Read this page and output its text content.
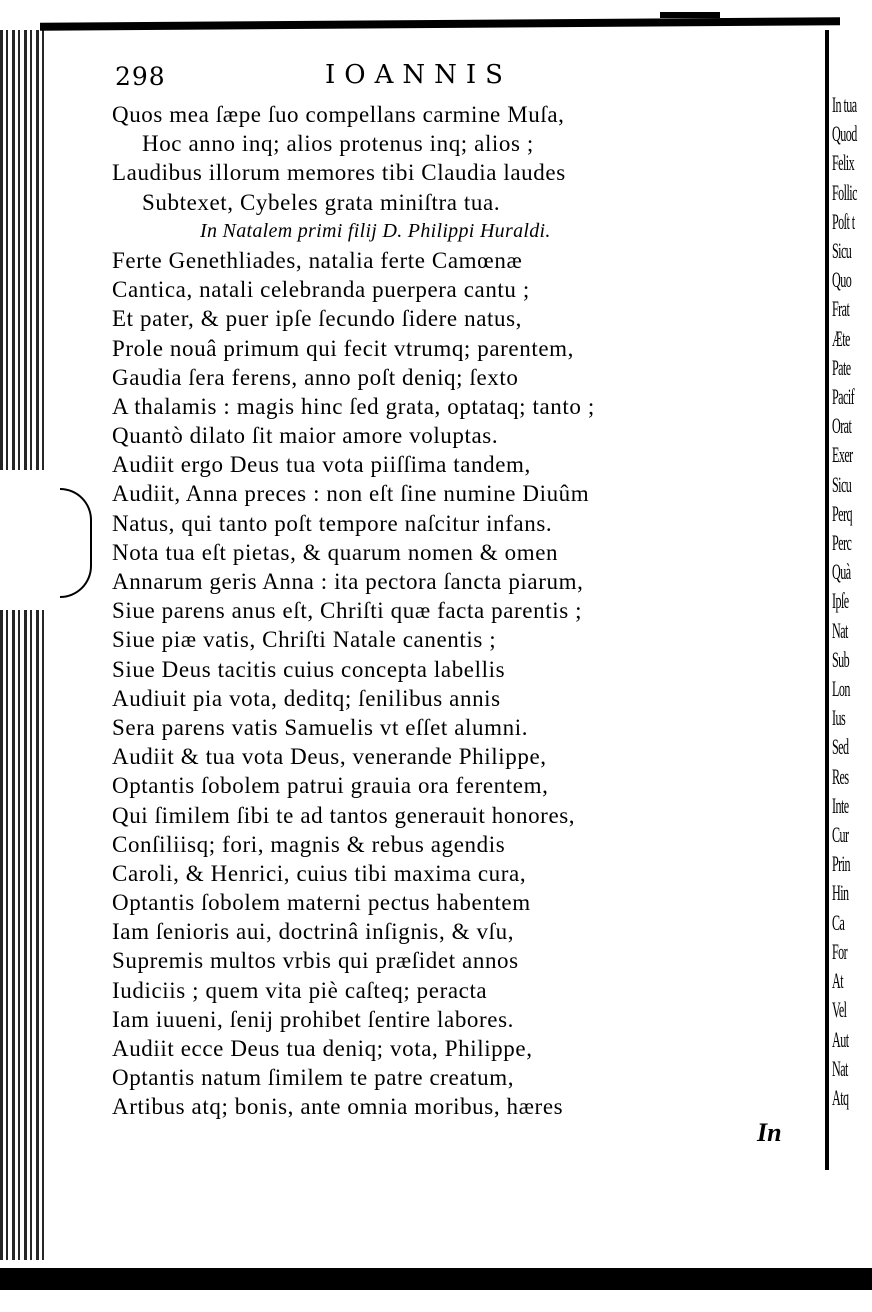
298	IOANNIS
Quos mea ſæpe ſuo compellans carmine Muſa,
Hoc anno inq; alios protenus inq; alios ;
Laudibus illorum memores tibi Claudia laudes
Subtexet, Cybeles grata miniſtra tua.
In Natalem primi filij D. Philippi Huraldi.
Ferte Genethliades, natalia ferte Camœnæ
Cantica, natali celebranda puerpera cantu ;
Et pater, & puer ipſe ſecundo ſidere natus,
Prole nouâ primum qui fecit vtrumq; parentem,
Gaudia ſera ferens, anno poſt deniq; ſexto
A thalamis : magis hinc ſed grata, optataq; tanto ;
Quantò dilato ſit maior amore voluptas.
Audiit ergo Deus tua vota piiſſima tandem,
Audiit, Anna preces : non eſt ſine numine Diuûm
Natus, qui tanto poſt tempore naſcitur infans.
Nota tua eſt pietas, & quarum nomen & omen
Annarum geris Anna : ita pectora ſancta piarum,
Siue parens anus eſt, Chriſti quæ facta parentis ;
Siue piæ vatis, Chriſti Natale canentis ;
Siue Deus tacitis cuius concepta labellis
Audiuit pia vota, deditq; ſenilibus annis
Sera parens vatis Samuelis vt eſſet alumni.
Audiit & tua vota Deus, venerande Philippe,
Optantis ſobolem patrui grauia ora ferentem,
Qui ſimilem ſibi te ad tantos generauit honores,
Conſiliisq; fori, magnis & rebus agendis
Caroli, & Henrici, cuius tibi maxima cura,
Optantis ſobolem materni pectus habentem
Iam ſenioris aui, doctrinâ inſignis, & vſu,
Supremis multos vrbis qui præſidet annos
Iudiciis ; quem vita piè caſteq; peracta
Iam iuueni, ſenij prohibet ſentire labores.
Audiit ecce Deus tua deniq; vota, Philippe,
Optantis natum ſimilem te patre creatum,
Artibus atq; bonis, ante omnia moribus, hæres
In
In tua
Quod
Felix
Follic
Poſt t
Sicu
Quo
Frat
Æte
Pate
Pacif
Orat
Exer
Sicu
Perq
Perc
Quà
Ipſe
Nat
Sub
Lon
Ius
Sed
Res
Inte
Cur
Prin
Hin
Ca
For
At
Vel
Aut
Nat
Atq
